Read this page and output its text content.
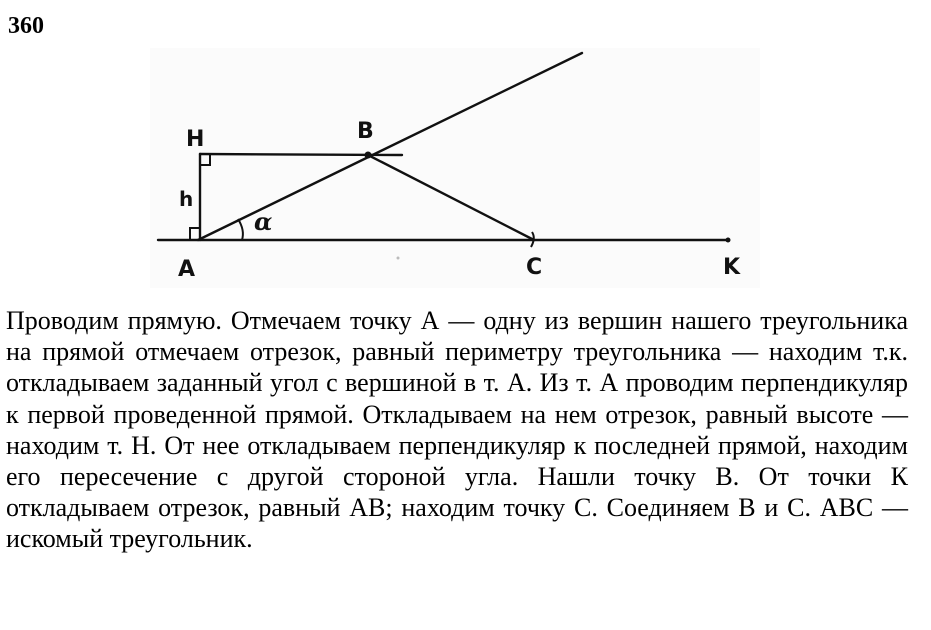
360
H	B
h
α
A	C	K

Проводим прямую. Отмечаем точку А — одну из вершин нашего треугольника на прямой отмечаем отрезок, равный периметру треугольника — находим т.к. откладываем заданный угол с вершиной в т. А. Из т. А проводим перпендикуляр к первой проведенной прямой. Откладываем на нем отрезок, равный высоте — находим т. Н. От нее откладываем перпендикуляр к последней прямой, находим его пересечение с другой стороной угла. Нашли точку В. От точки К откладываем отрезок, равный АВ; находим точку С. Соединяем В и С. АВС — искомый треугольник.
